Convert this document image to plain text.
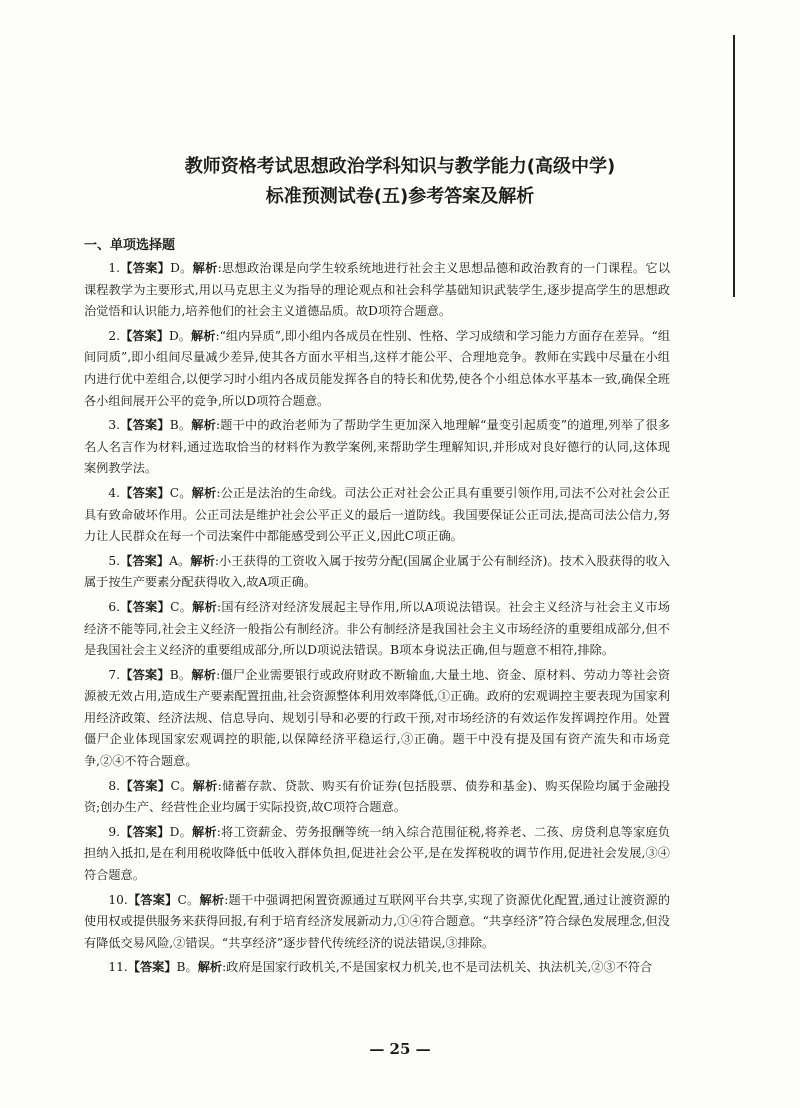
教师资格考试思想政治学科知识与教学能力(高级中学)
标准预测试卷(五)参考答案及解析
一、单项选择题

1.【答案】D。解析:思想政治课是向学生较系统地进行社会主义思想品德和政治教育的一门课程。它以课程教学为主要形式,用以马克思主义为指导的理论观点和社会科学基础知识武装学生,逐步提高学生的思想政治觉悟和认识能力,培养他们的社会主义道德品质。故D项符合题意。

2.【答案】D。解析:“组内异质”,即小组内各成员在性别、性格、学习成绩和学习能力方面存在差异。“组间同质”,即小组间尽量减少差异,使其各方面水平相当,这样才能公平、合理地竞争。教师在实践中尽量在小组内进行优中差组合,以便学习时小组内各成员能发挥各自的特长和优势,使各个小组总体水平基本一致,确保全班各小组间展开公平的竞争,所以D项符合题意。

3.【答案】B。解析:题干中的政治老师为了帮助学生更加深入地理解“量变引起质变”的道理,列举了很多名人名言作为材料,通过选取恰当的材料作为教学案例,来帮助学生理解知识,并形成对良好德行的认同,这体现案例教学法。

4.【答案】C。解析:公正是法治的生命线。司法公正对社会公正具有重要引领作用,司法不公对社会公正具有致命破坏作用。公正司法是维护社会公平正义的最后一道防线。我国要保证公正司法,提高司法公信力,努力让人民群众在每一个司法案件中都能感受到公平正义,因此C项正确。

5.【答案】A。解析:小王获得的工资收入属于按劳分配(国属企业属于公有制经济)。技术入股获得的收入属于按生产要素分配获得收入,故A项正确。

6.【答案】C。解析:国有经济对经济发展起主导作用,所以A项说法错误。社会主义经济与社会主义市场经济不能等同,社会主义经济一般指公有制经济。非公有制经济是我国社会主义市场经济的重要组成部分,但不是我国社会主义经济的重要组成部分,所以D项说法错误。B项本身说法正确,但与题意不相符,排除。

7.【答案】B。解析:僵尸企业需要银行或政府财政不断输血,大量土地、资金、原材料、劳动力等社会资源被无效占用,造成生产要素配置扭曲,社会资源整体利用效率降低,①正确。政府的宏观调控主要表现为国家利用经济政策、经济法规、信息导向、规划引导和必要的行政干预,对市场经济的有效运作发挥调控作用。处置僵尸企业体现国家宏观调控的职能,以保障经济平稳运行,③正确。题干中没有提及国有资产流失和市场竞争,②④不符合题意。

8.【答案】C。解析:储蓄存款、贷款、购买有价证券(包括股票、债券和基金)、购买保险均属于金融投资;创办生产、经营性企业均属于实际投资,故C项符合题意。

9.【答案】D。解析:将工资薪金、劳务报酬等统一纳入综合范围征税,将养老、二孩、房贷利息等家庭负担纳入抵扣,是在利用税收降低中低收入群体负担,促进社会公平,是在发挥税收的调节作用,促进社会发展,③④符合题意。

10.【答案】C。解析:题干中强调把闲置资源通过互联网平台共享,实现了资源优化配置,通过让渡资源的使用权或提供服务来获得回报,有利于培育经济发展新动力,①④符合题意。“共享经济”符合绿色发展理念,但没有降低交易风险,②错误。“共享经济”逐步替代传统经济的说法错误,③排除。

11.【答案】B。解析:政府是国家行政机关,不是国家权力机关,也不是司法机关、执法机关,②③不符合

— 25 —
